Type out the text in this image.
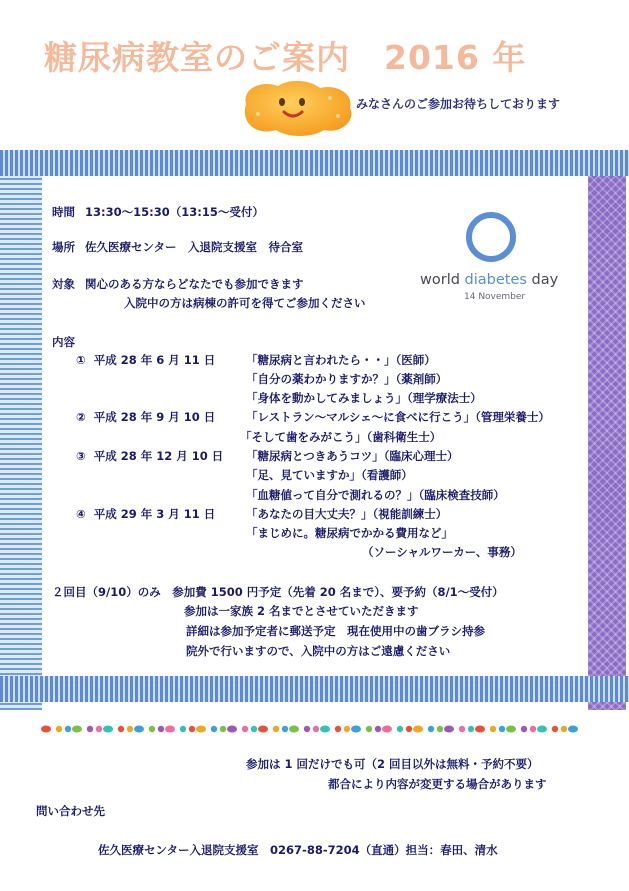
糖尿病教室のご案内　2016 年
みなさんのご参加お待ちしております
時間 13:30～15:30（13:15～受付）
場所 佐久医療センター　入退院支援室　待合室
対象 関心のある方ならどなたでも参加できます
入院中の方は病棟の許可を得てご参加ください
world diabetes day
14 November
内容
① 平成 28 年 6 月 11 日	「糖尿病と言われたら・・」（医師）
「自分の薬わかりますか？」（薬剤師）
「身体を動かしてみましょう」（理学療法士）
② 平成 28 年 9 月 10 日	「レストラン～マルシェ～に食べに行こう」（管理栄養士）
「そして歯をみがこう」（歯科衛生士）
③ 平成 28 年 12 月 10 日 「糖尿病とつきあうコツ」（臨床心理士）
「足、見ていますか」（看護師）
「血糖値って自分で測れるの？」（臨床検査技師）
④ 平成 29 年 3 月 11 日	「あなたの目大丈夫？」（視能訓練士）
「まじめに。糖尿病でかかる費用など」
（ソーシャルワーカー、事務）
２回目（9/10）のみ　参加費 1500 円予定（先着 20 名まで）、要予約（8/1～受付）
参加は一家族 2 名までとさせていただきます
詳細は参加予定者に郵送予定　現在使用中の歯ブラシ持参
院外で行いますので、入院中の方はご遠慮ください
参加は 1 回だけでも可（2 回目以外は無料・予約不要）
都合により内容が変更する場合があります
問い合わせ先
佐久医療センター入退院支援室　0267-88-7204（直通）担当：春田、清水
